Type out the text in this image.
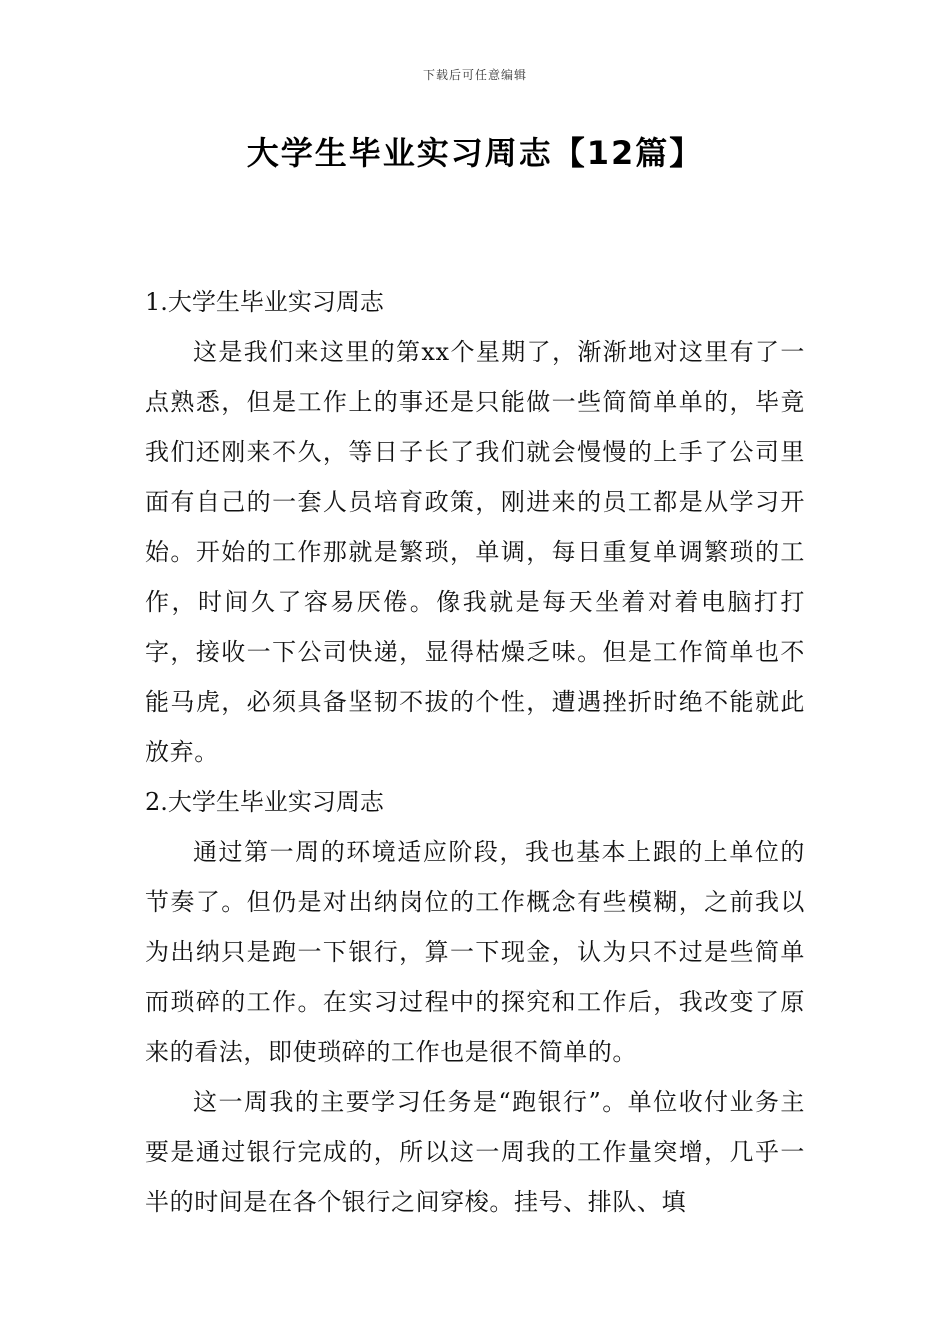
下载后可任意编辑
大学生毕业实习周志【12篇】
1.大学生毕业实习周志

这是我们来这里的第xx个星期了，渐渐地对这里有了一点熟悉，但是工作上的事还是只能做一些简简单单的，毕竟我们还刚来不久，等日子长了我们就会慢慢的上手了公司里面有自己的一套人员培育政策，刚进来的员工都是从学习开始。开始的工作那就是繁琐，单调，每日重复单调繁琐的工作，时间久了容易厌倦。像我就是每天坐着对着电脑打打字，接收一下公司快递，显得枯燥乏味。但是工作简单也不能马虎，必须具备坚韧不拔的个性，遭遇挫折时绝不能就此放弃。

2.大学生毕业实习周志

通过第一周的环境适应阶段，我也基本上跟的上单位的节奏了。但仍是对出纳岗位的工作概念有些模糊，之前我以为出纳只是跑一下银行，算一下现金，认为只不过是些简单而琐碎的工作。在实习过程中的探究和工作后，我改变了原来的看法，即使琐碎的工作也是很不简单的。

这一周我的主要学习任务是“跑银行”。单位收付业务主要是通过银行完成的，所以这一周我的工作量突增，几乎一半的时间是在各个银行之间穿梭。挂号、排队、填
